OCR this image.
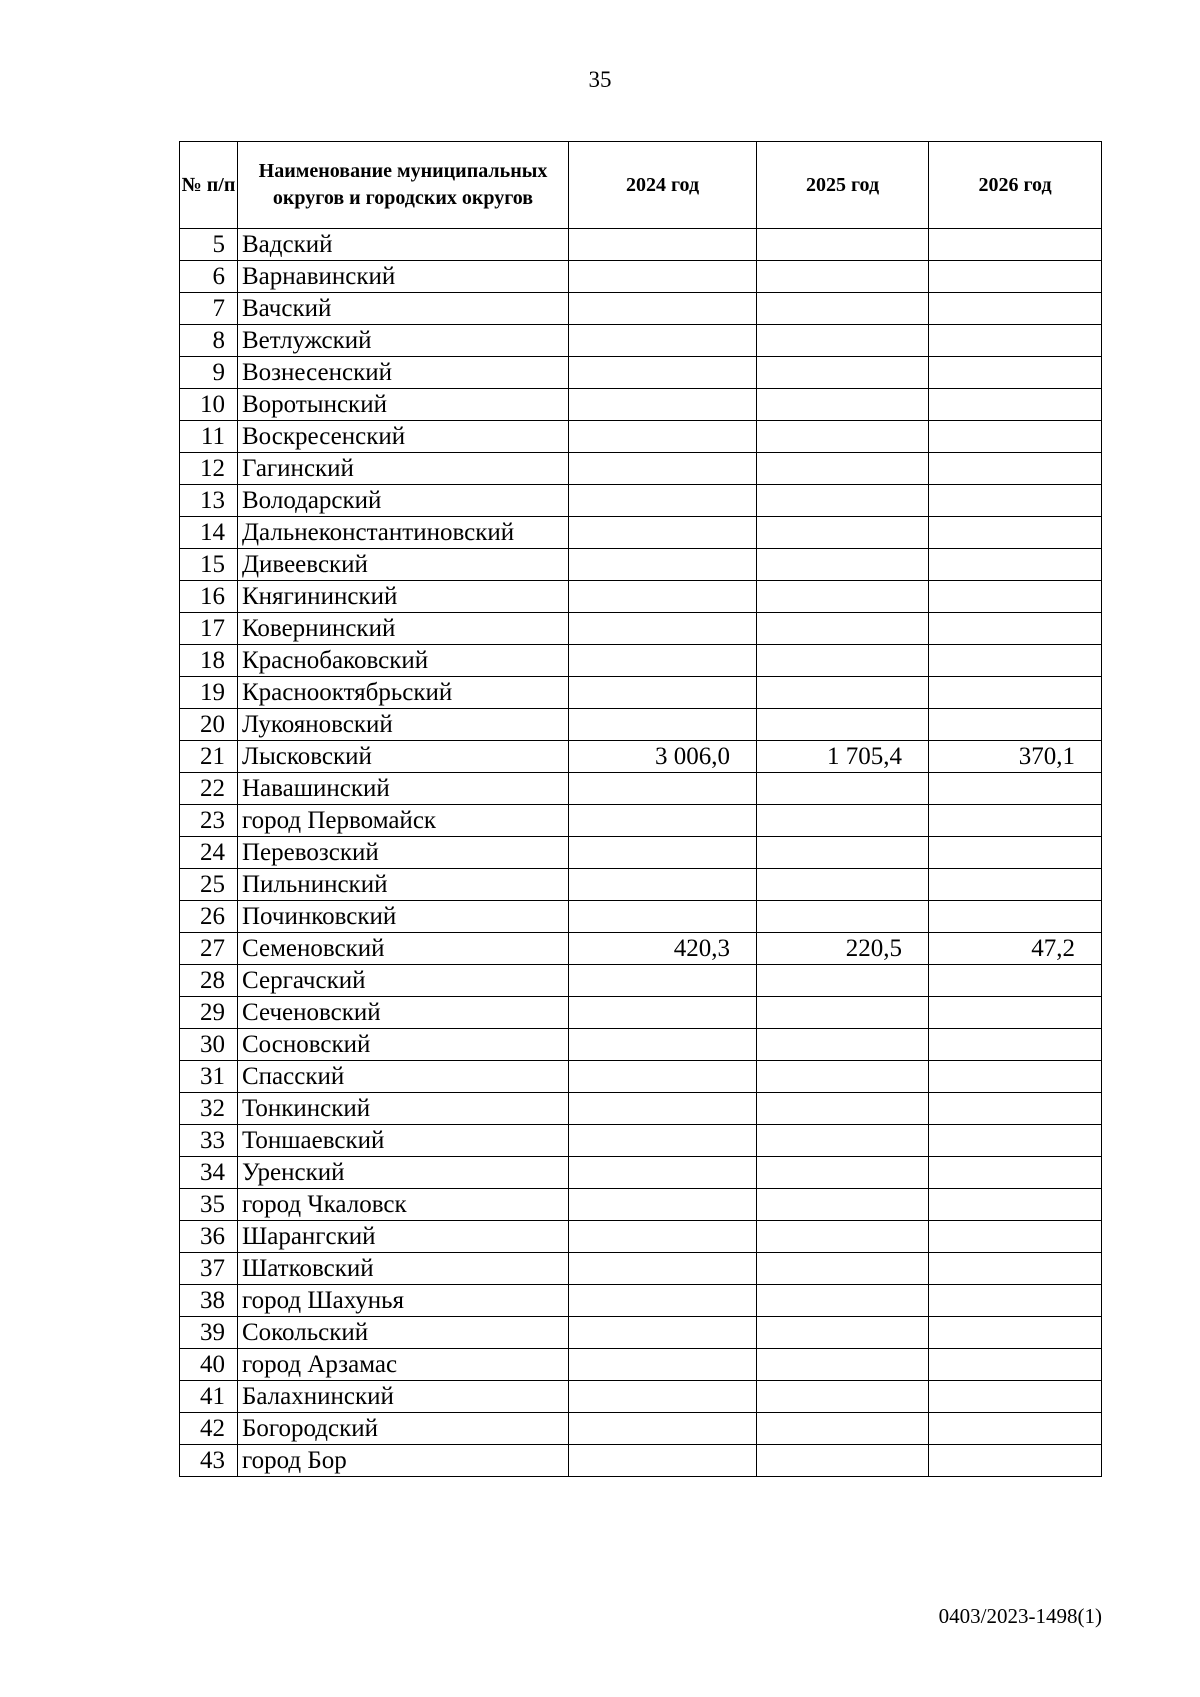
35
№ п/п	Наименование муниципальных округов и городских округов	2024 год	2025 год	2026 год
5	Вадский			
6	Варнавинский			
7	Вачский			
8	Ветлужский			
9	Вознесенский			
10	Воротынский			
11	Воскресенский			
12	Гагинский			
13	Володарский			
14	Дальнеконстантиновский			
15	Дивеевский			
16	Княгининский			
17	Ковернинский			
18	Краснобаковский			
19	Краснооктябрьский			
20	Лукояновский			
21	Лысковский	3 006,0	1 705,4	370,1
22	Навашинский			
23	город Первомайск			
24	Перевозский			
25	Пильнинский			
26	Починковский			
27	Семеновский	420,3	220,5	47,2
28	Сергачский			
29	Сеченовский			
30	Сосновский			
31	Спасский			
32	Тонкинский			
33	Тоншаевский			
34	Уренский			
35	город Чкаловск			
36	Шарангский			
37	Шатковский			
38	город Шахунья			
39	Сокольский			
40	город Арзамас			
41	Балахнинский			
42	Богородский			
43	город Бор			
0403/2023-1498(1)
